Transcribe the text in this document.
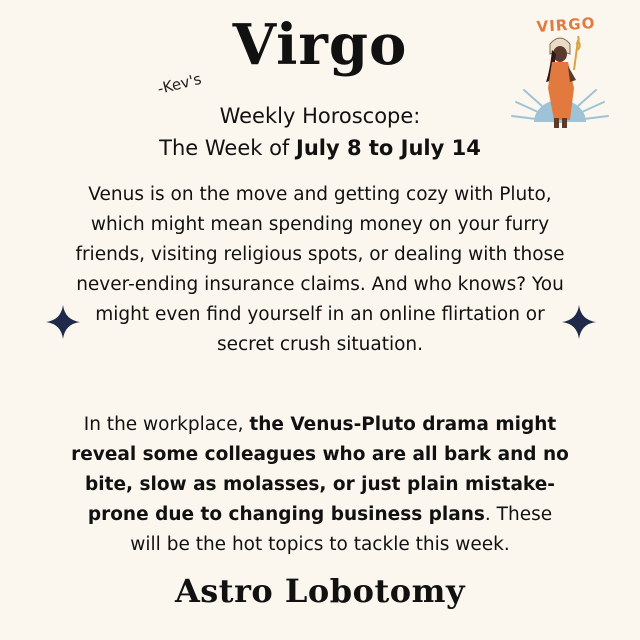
Virgo
-Kev's
Weekly Horoscope:
The Week of July 8 to July 14
VIRGO
Venus is on the move and getting cozy with Pluto, which might mean spending money on your furry friends, visiting religious spots, or dealing with those never-ending insurance claims. And who knows? You might even find yourself in an online flirtation or secret crush situation.
In the workplace, the Venus-Pluto drama might reveal some colleagues who are all bark and no bite, slow as molasses, or just plain mistake-prone due to changing business plans. These will be the hot topics to tackle this week.
Astro Lobotomy
